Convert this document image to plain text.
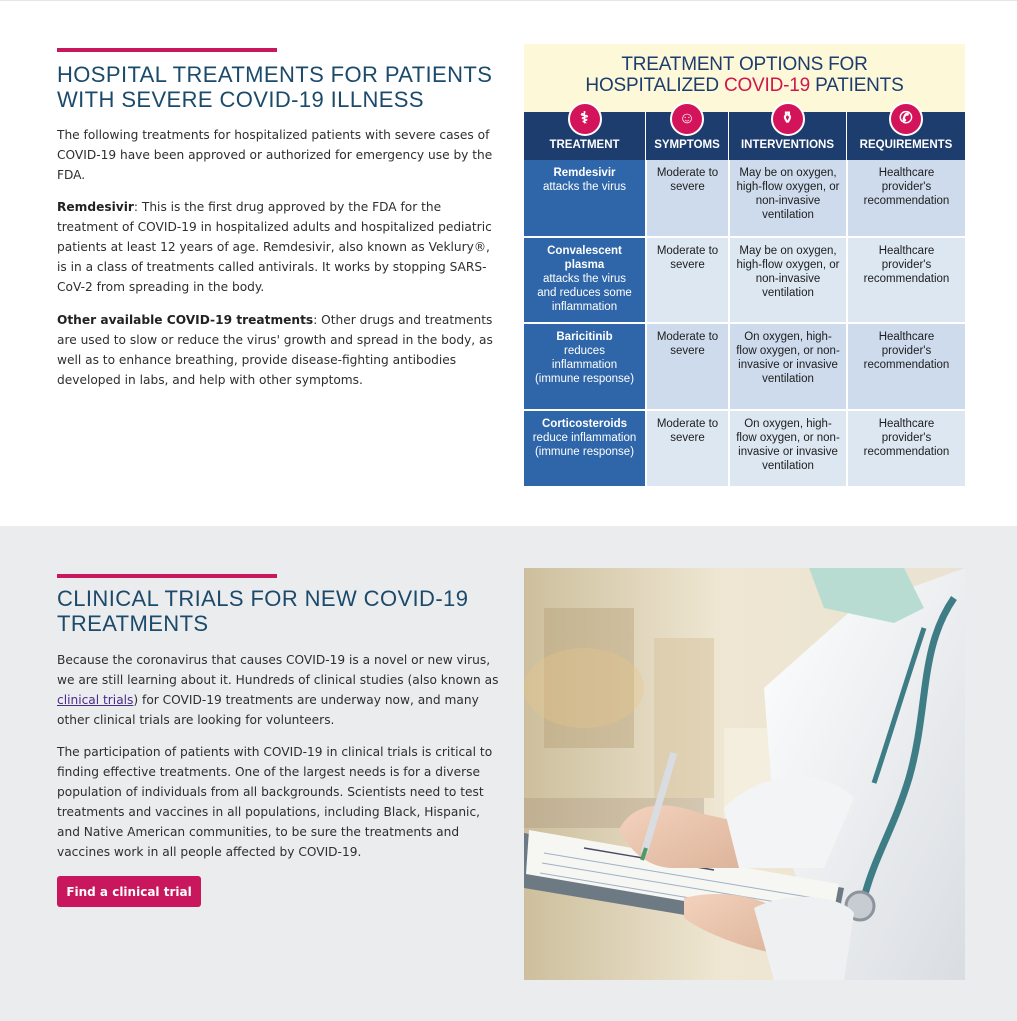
HOSPITAL TREATMENTS FOR PATIENTS WITH SEVERE COVID-19 ILLNESS

The following treatments for hospitalized patients with severe cases of COVID-19 have been approved or authorized for emergency use by the FDA.

Remdesivir: This is the first drug approved by the FDA for the treatment of COVID-19 in hospitalized adults and hospitalized pediatric patients at least 12 years of age. Remdesivir, also known as Veklury®, is in a class of treatments called antivirals. It works by stopping SARS-CoV-2 from spreading in the body.

Other available COVID-19 treatments: Other drugs and treatments are used to slow or reduce the virus' growth and spread in the body, as well as to enhance breathing, provide disease-fighting antibodies developed in labs, and help with other symptoms.

TREATMENT OPTIONS FOR
HOSPITALIZED COVID-19 PATIENTS
⚕
TREATMENT
☺
SYMPTOMS
⚱
INTERVENTIONS
✆
REQUIREMENTS
Remdesivir
attacks the virus
Moderate to severe
May be on oxygen, high-flow oxygen, or non-invasive ventilation
Healthcare provider's recommendation
Convalescent plasma
attacks the virus and reduces some inflammation
Moderate to severe
May be on oxygen, high-flow oxygen, or non-invasive ventilation
Healthcare provider's recommendation
Baricitinib
reduces inflammation (immune response)
Moderate to severe
On oxygen, high-flow oxygen, or non-invasive or invasive ventilation
Healthcare provider's recommendation
Corticosteroids
reduce inflammation (immune response)
Moderate to severe
On oxygen, high-flow oxygen, or non-invasive or invasive ventilation
Healthcare provider's recommendation
CLINICAL TRIALS FOR NEW COVID-19 TREATMENTS

Because the coronavirus that causes COVID-19 is a novel or new virus, we are still learning about it. Hundreds of clinical studies (also known as clinical trials) for COVID-19 treatments are underway now, and many other clinical trials are looking for volunteers.

The participation of patients with COVID-19 in clinical trials is critical to finding effective treatments. One of the largest needs is for a diverse population of individuals from all backgrounds. Scientists need to test treatments and vaccines in all populations, including Black, Hispanic, and Native American communities, to be sure the treatments and vaccines work in all people affected by COVID-19.

Find a clinical trial
